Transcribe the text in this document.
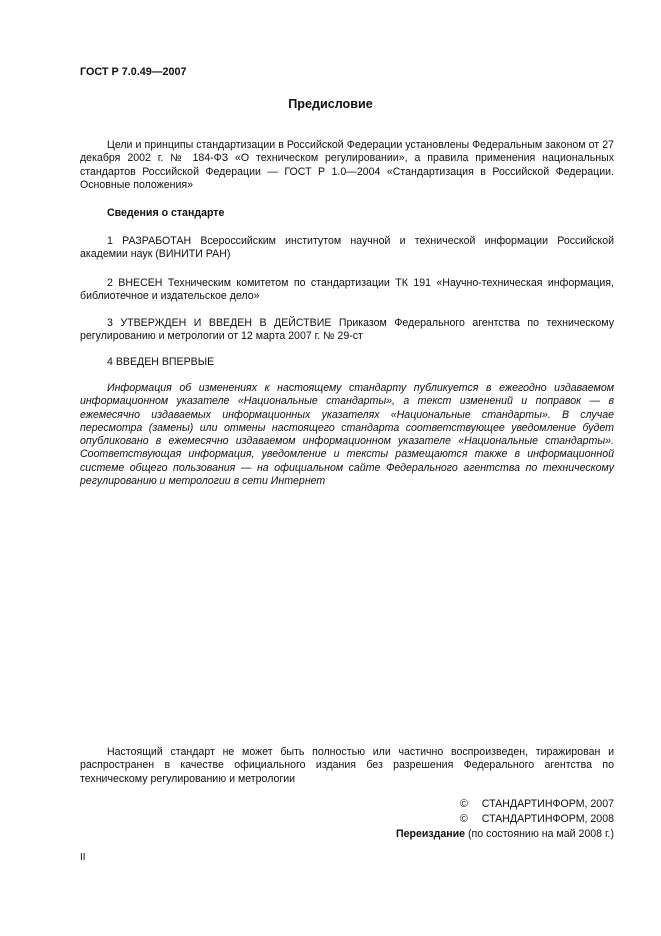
ГОСТ Р 7.0.49—2007
Предисловие

Цели и принципы стандартизации в Российской Федерации установлены Федеральным законом от 27 декабря 2002 г. № 184-ФЗ «О техническом регулировании», а правила применения национальных стандартов Российской Федерации — ГОСТ Р 1.0—2004 «Стандартизация в Российской Федерации. Основные положения»

Сведения о стандарте

1 РАЗРАБОТАН Всероссийским институтом научной и технической информации Российской академии наук (ВИНИТИ РАН)

2 ВНЕСЕН Техническим комитетом по стандартизации ТК 191 «Научно-техническая информация, библиотечное и издательское дело»

3 УТВЕРЖДЕН И ВВЕДЕН В ДЕЙСТВИЕ Приказом Федерального агентства по техническому регулированию и метрологии от 12 марта 2007 г. № 29-ст

4 ВВЕДЕН ВПЕРВЫЕ

Информация об изменениях к настоящему стандарту публикуется в ежегодно издаваемом информационном указателе «Национальные стандарты», а текст изменений и поправок — в ежемесячно издаваемых информационных указателях «Национальные стандарты». В случае пересмотра (замены) или отмены настоящего стандарта соответствующее уведомление будет опубликовано в ежемесячно издаваемом информационном указателе «Национальные стандарты». Соответствующая информация, уведомление и тексты размещаются также в информационной системе общего пользования — на официальном сайте Федерального агентства по техническому регулированию и метрологии в сети Интернет

Настоящий стандарт не может быть полностью или частично воспроизведен, тиражирован и распространен в качестве официального издания без разрешения Федерального агентства по техническому регулированию и метрологии

© СТАНДАРТИНФОРМ, 2007
© СТАНДАРТИНФОРМ, 2008
Переиздание (по состоянию на май 2008 г.)
II
